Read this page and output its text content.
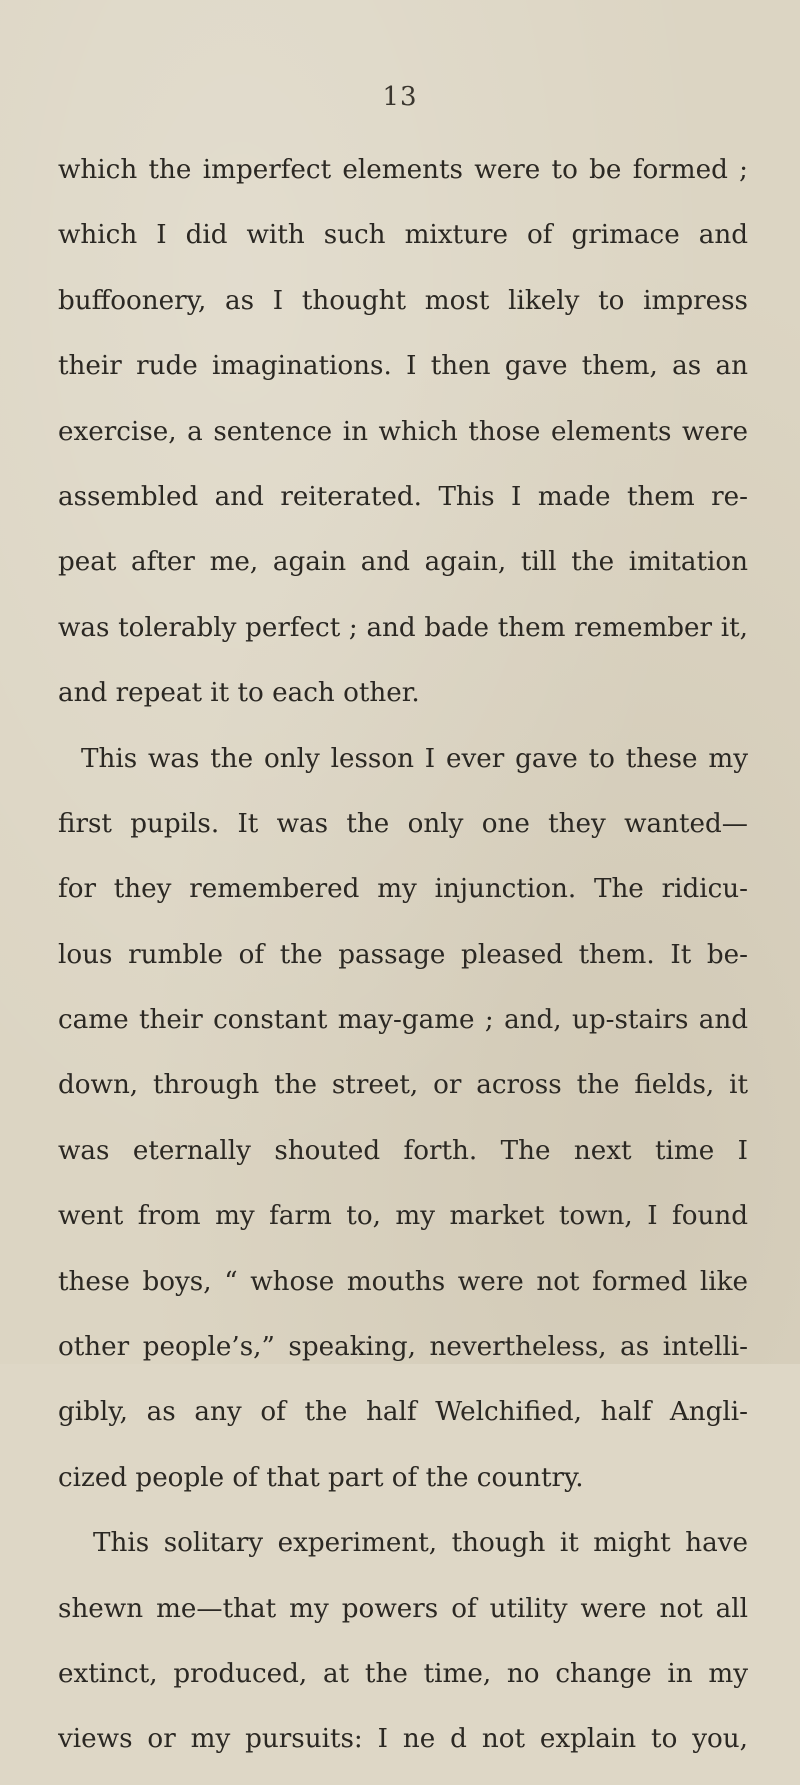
13
which the imperfect elements were to be formed ;
which I did with such mixture of grimace and
buffoonery, as I thought most likely to impress
their rude imaginations. I then gave them, as an
exercise, a sentence in which those elements were
assembled and reiterated. This I made them re-
peat after me, again and again, till the imitation
was tolerably perfect ; and bade them remember it,
and repeat it to each other.
This was the only lesson I ever gave to these my
first pupils. It was the only one they wanted—
for they remembered my injunction. The ridicu-
lous rumble of the passage pleased them. It be-
came their constant may-game ; and, up-stairs and
down, through the street, or across the fields, it
was eternally shouted forth. The next time I
went from my farm to, my market town, I found
these boys, “ whose mouths were not formed like
other people’s,” speaking, nevertheless, as intelli-
gibly, as any of the half Welchified, half Angli-
cized people of that part of the country.
This solitary experiment, though it might have
shewn me—that my powers of utility were not all
extinct, produced, at the time, no change in my
views or my pursuits: I ne d not explain to you,
